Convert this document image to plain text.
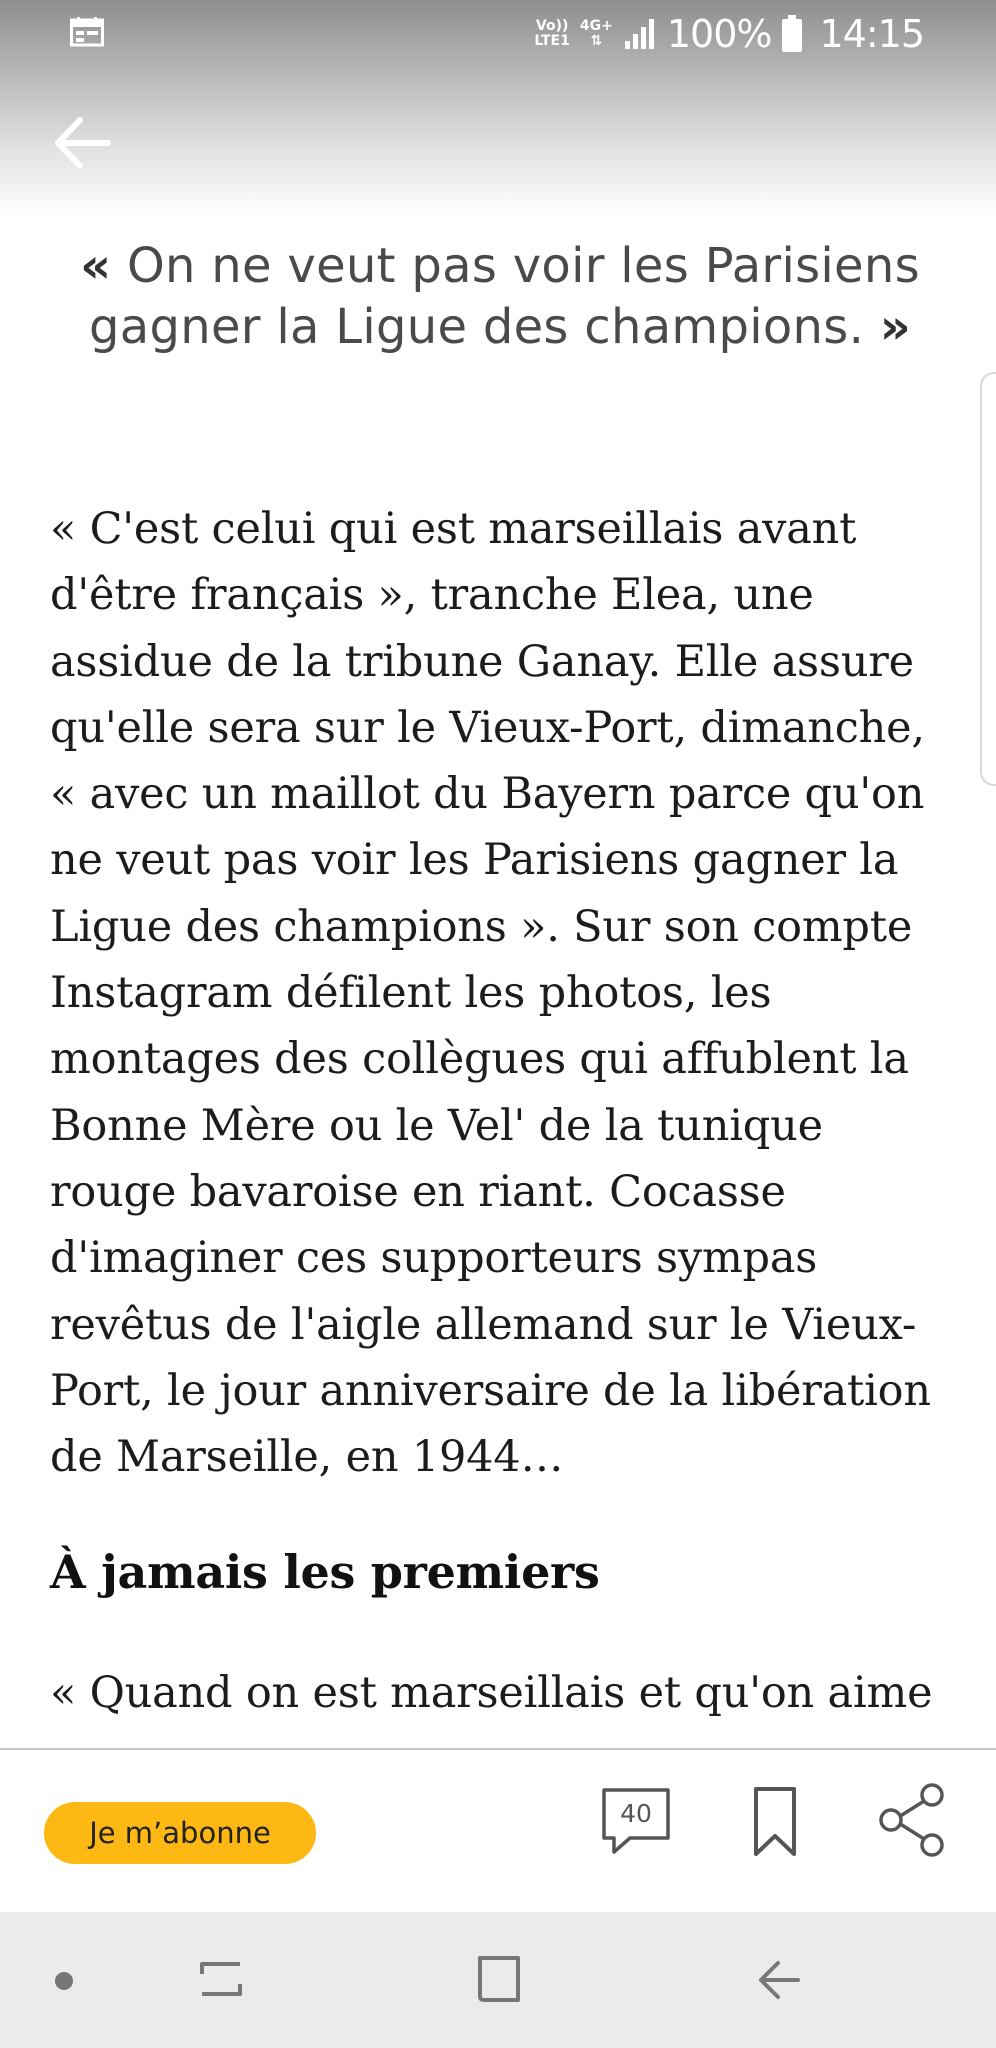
Vo))
LTE1
4G+
⇅ 100% 14:15

« On ne veut pas voir les Parisiens gagner la Ligue des champions. »

« C'est celui qui est marseillais avant d'être français », tranche Elea, une assidue de la tribune Ganay. Elle assure qu'elle sera sur le Vieux-Port, dimanche, « avec un maillot du Bayern parce qu'on ne veut pas voir les Parisiens gagner la Ligue des champions ». Sur son compte Instagram défilent les photos, les montages des collègues qui affublent la Bonne Mère ou le Vel' de la tunique rouge bavaroise en riant. Cocasse d'imaginer ces supporteurs sympas revêtus de l'aigle allemand sur le Vieux-Port, le jour anniversaire de la libération de Marseille, en 1944…

À jamais les premiers

« Quand on est marseillais et qu'on aime

Je m’abonne
40
